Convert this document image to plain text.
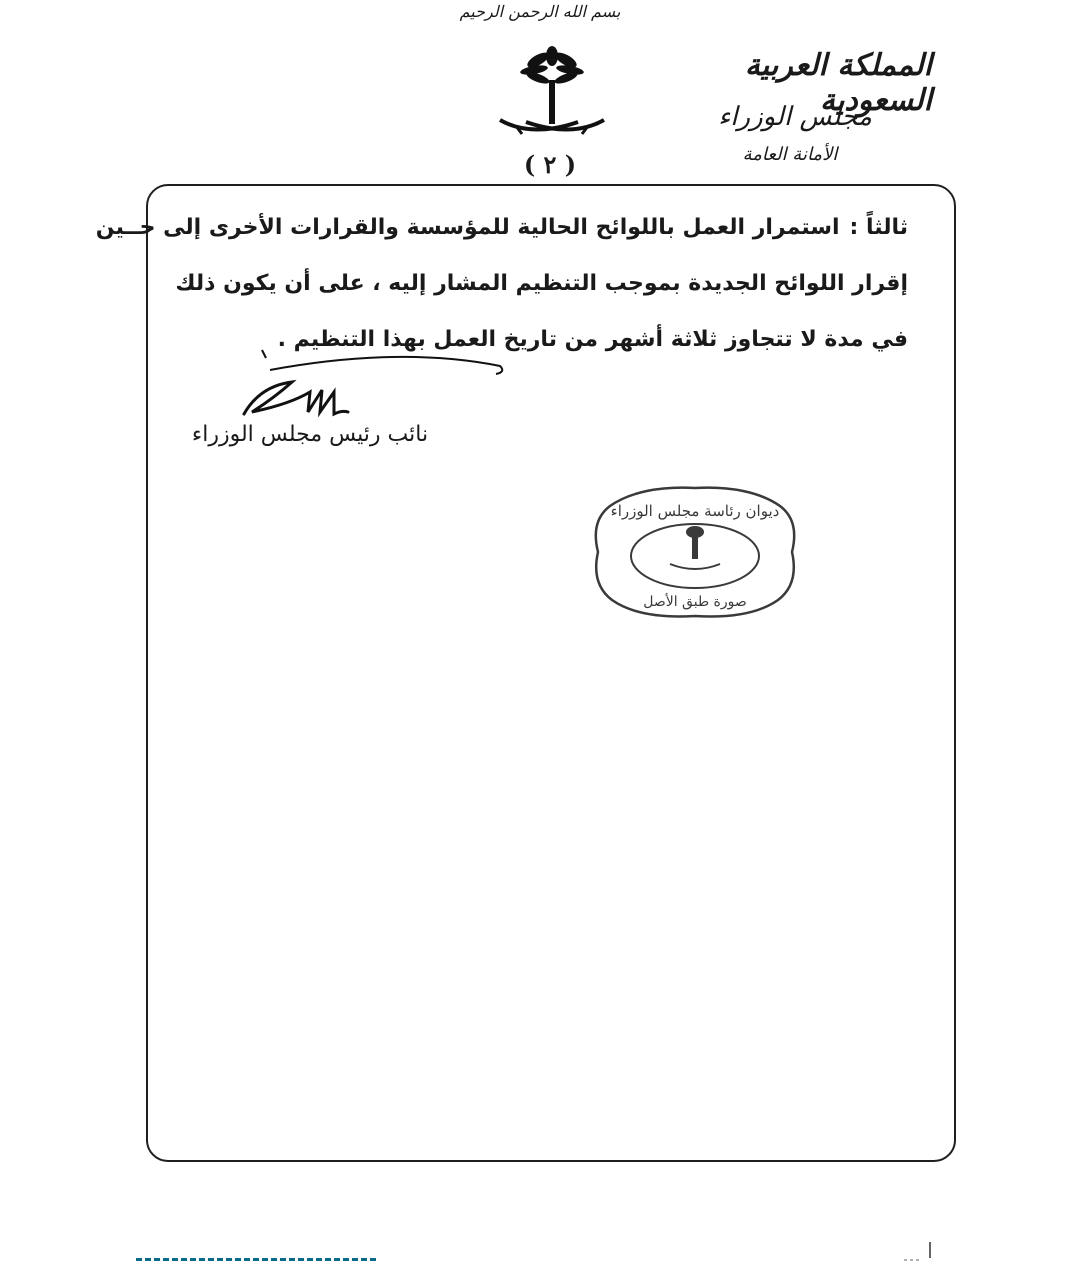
بسم الله الرحمن الرحيم
( ٢ )
المملكة العربية السعودية
مجلس الوزراء
الأمانة العامة
ثالثاً :استمرار العمل باللوائح الحالية للمؤسسة والقرارات الأخرى إلى حــين
إقرار اللوائح الجديدة بموجب التنظيم المشار إليه ، على أن يكون ذلك
في مدة لا تتجاوز ثلاثة أشهر من تاريخ العمل بهذا التنظيم .
نائب رئيس مجلس الوزراء
ديوان رئاسة مجلس الوزراء
صورة طبق الأصل
